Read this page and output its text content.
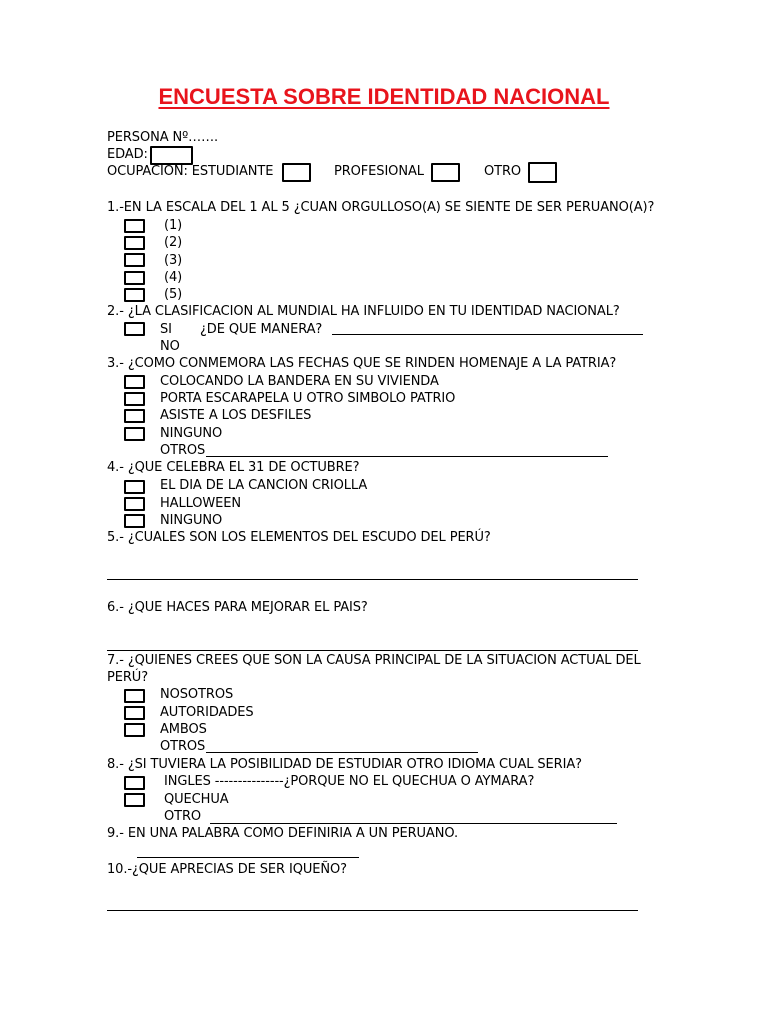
ENCUESTA SOBRE IDENTIDAD NACIONAL
PERSONA Nº…….
EDAD:
OCUPACION: ESTUDIANTE	PROFESIONAL	OTRO
1.-EN LA ESCALA DEL 1 AL 5 ¿CUAN ORGULLOSO(A) SE SIENTE DE SER PERUANO(A)?
(1)
(2)
(3)
(4)
(5)
2.- ¿LA CLASIFICACION AL MUNDIAL HA INFLUIDO EN TU IDENTIDAD NACIONAL?
SI ¿DE QUE MANERA?
NO
3.- ¿COMO CONMEMORA LAS FECHAS QUE SE RINDEN HOMENAJE A LA PATRIA?
COLOCANDO LA BANDERA EN SU VIVIENDA
PORTA ESCARAPELA U OTRO SIMBOLO PATRIO
ASISTE A LOS DESFILES
NINGUNO
OTROS
4.- ¿QUE CELEBRA EL 31 DE OCTUBRE?
EL DIA DE LA CANCION CRIOLLA
HALLOWEEN
NINGUNO
5.- ¿CUALES SON LOS ELEMENTOS DEL ESCUDO DEL PERÚ?
6.- ¿QUE HACES PARA MEJORAR EL PAIS?
7.- ¿QUIENES CREES QUE SON LA CAUSA PRINCIPAL DE LA SITUACION ACTUAL DEL
PERÚ?
NOSOTROS
AUTORIDADES
AMBOS
OTROS
8.- ¿SI TUVIERA LA POSIBILIDAD DE ESTUDIAR OTRO IDIOMA CUAL SERIA?
INGLES ---------------¿PORQUE NO EL QUECHUA O AYMARA?
QUECHUA
OTRO
9.- EN UNA PALABRA COMO DEFINIRIA A UN PERUANO.
10.-¿QUE APRECIAS DE SER IQUEÑO?
